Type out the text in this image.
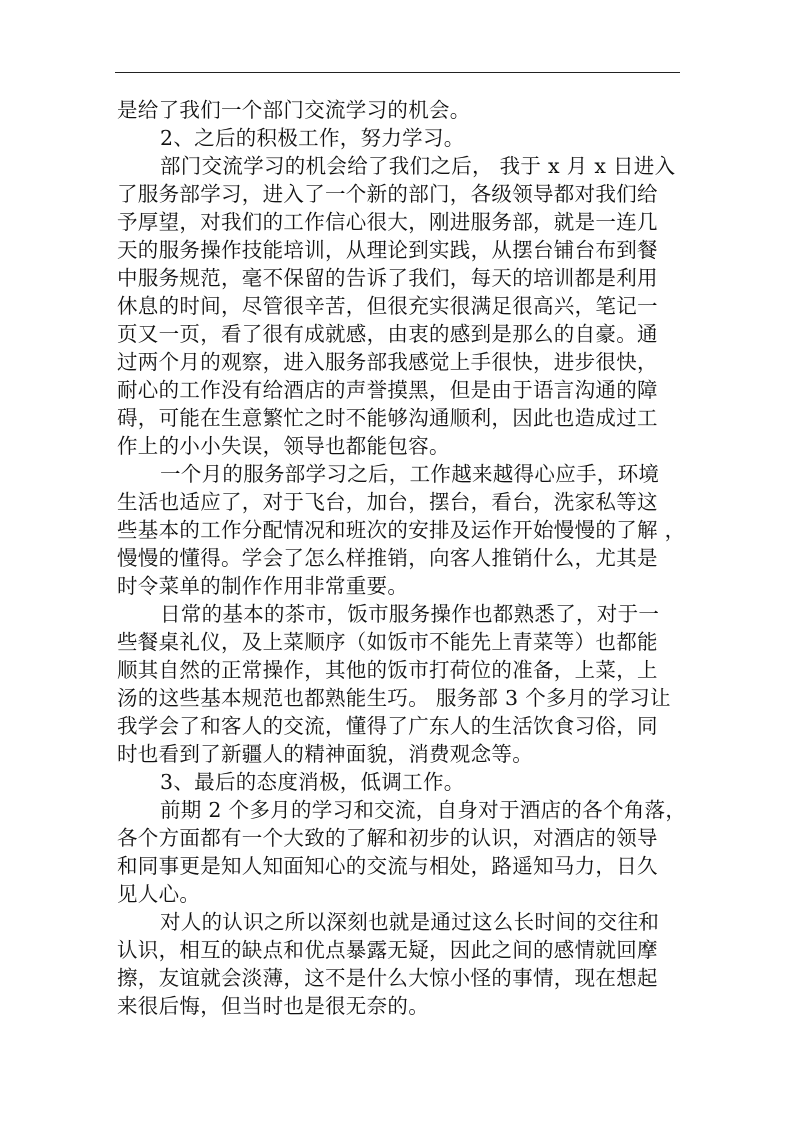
是给了我们一个部门交流学习的机会。

2、之后的积极工作，努力学习。

部门交流学习的机会给了我们之后， 我于 x 月 x 日进入

了服务部学习，进入了一个新的部门，各级领导都对我们给

予厚望，对我们的工作信心很大，刚进服务部，就是一连几

天的服务操作技能培训，从理论到实践，从摆台铺台布到餐

中服务规范，毫不保留的告诉了我们，每天的培训都是利用

休息的时间，尽管很辛苦，但很充实很满足很高兴，笔记一

页又一页，看了很有成就感，由衷的感到是那么的自豪。通

过两个月的观察，进入服务部我感觉上手很快，进步很快，

耐心的工作没有给酒店的声誉摸黑，但是由于语言沟通的障

碍，可能在生意繁忙之时不能够沟通顺利，因此也造成过工

作上的小小失误，领导也都能包容。

一个月的服务部学习之后，工作越来越得心应手，环境

生活也适应了，对于飞台，加台，摆台，看台，洗家私等这

些基本的工作分配情况和班次的安排及运作开始慢慢的了解 ，

慢慢的懂得。学会了怎么样推销，向客人推销什么，尤其是

时令菜单的制作作用非常重要。

日常的基本的茶市，饭市服务操作也都熟悉了，对于一

些餐桌礼仪，及上菜顺序（如饭市不能先上青菜等）也都能

顺其自然的正常操作，其他的饭市打荷位的准备，上菜，上

汤的这些基本规范也都熟能生巧。 服务部 3 个多月的学习让

我学会了和客人的交流，懂得了广东人的生活饮食习俗，同

时也看到了新疆人的精神面貌，消费观念等。

3、最后的态度消极，低调工作。

前期 2 个多月的学习和交流，自身对于酒店的各个角落，

各个方面都有一个大致的了解和初步的认识，对酒店的领导

和同事更是知人知面知心的交流与相处，路遥知马力，日久

见人心。

对人的认识之所以深刻也就是通过这么长时间的交往和

认识，相互的缺点和优点暴露无疑，因此之间的感情就回摩

擦，友谊就会淡薄，这不是什么大惊小怪的事情，现在想起

来很后悔，但当时也是很无奈的。
